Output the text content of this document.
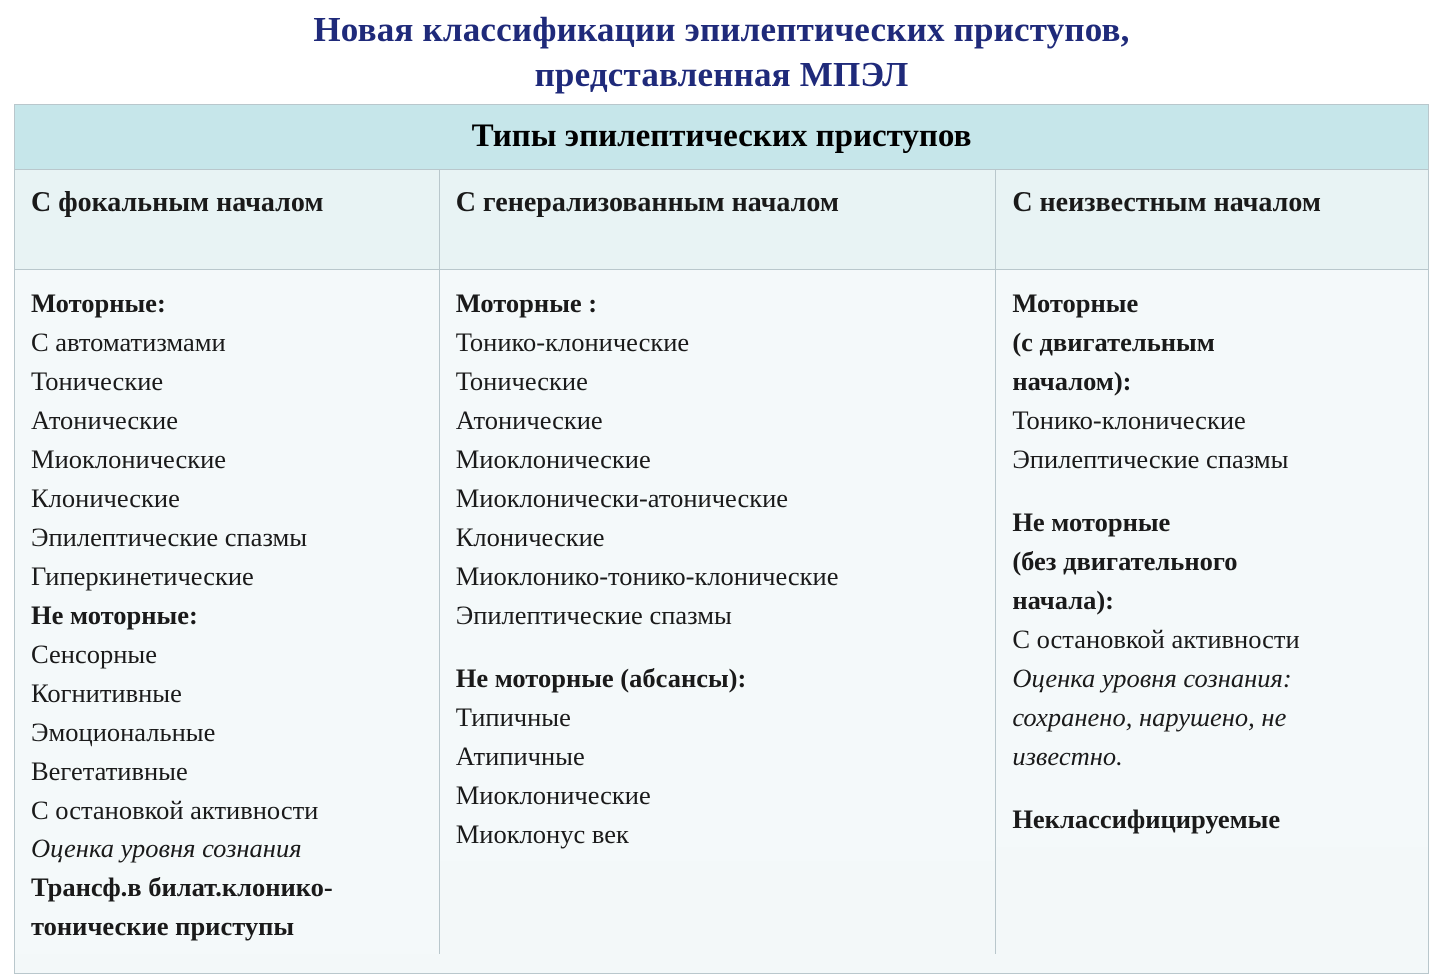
Новая классификации эпилептических приступов,
представленная МПЭЛ
Типы эпилептических приступов
С фокальным началом
Моторные:
С автоматизмами
Тонические
Атонические
Миоклонические
Клонические
Эпилептические спазмы
Гиперкинетические
Не моторные:
Сенсорные
Когнитивные
Эмоциональные
Вегетативные
С остановкой активности
Оценка уровня сознания
Трансф.в билат.клонико-
тонические приступы
С генерализованным началом
Моторные :
Тонико-клонические
Тонические
Атонические
Миоклонические
Миоклонически-атонические
Клонические
Миоклонико-тонико-клонические
Эпилептические спазмы
Не моторные (абсансы):
Типичные
Атипичные
Миоклонические
Миоклонус век
С неизвестным началом
Моторные
(с двигательным
началом):
Тонико-клонические
Эпилептические спазмы
Не моторные
(без двигательного
начала):
С остановкой активности
Оценка уровня сознания:
сохранено, нарушено, не
известно.
Неклассифицируемые
